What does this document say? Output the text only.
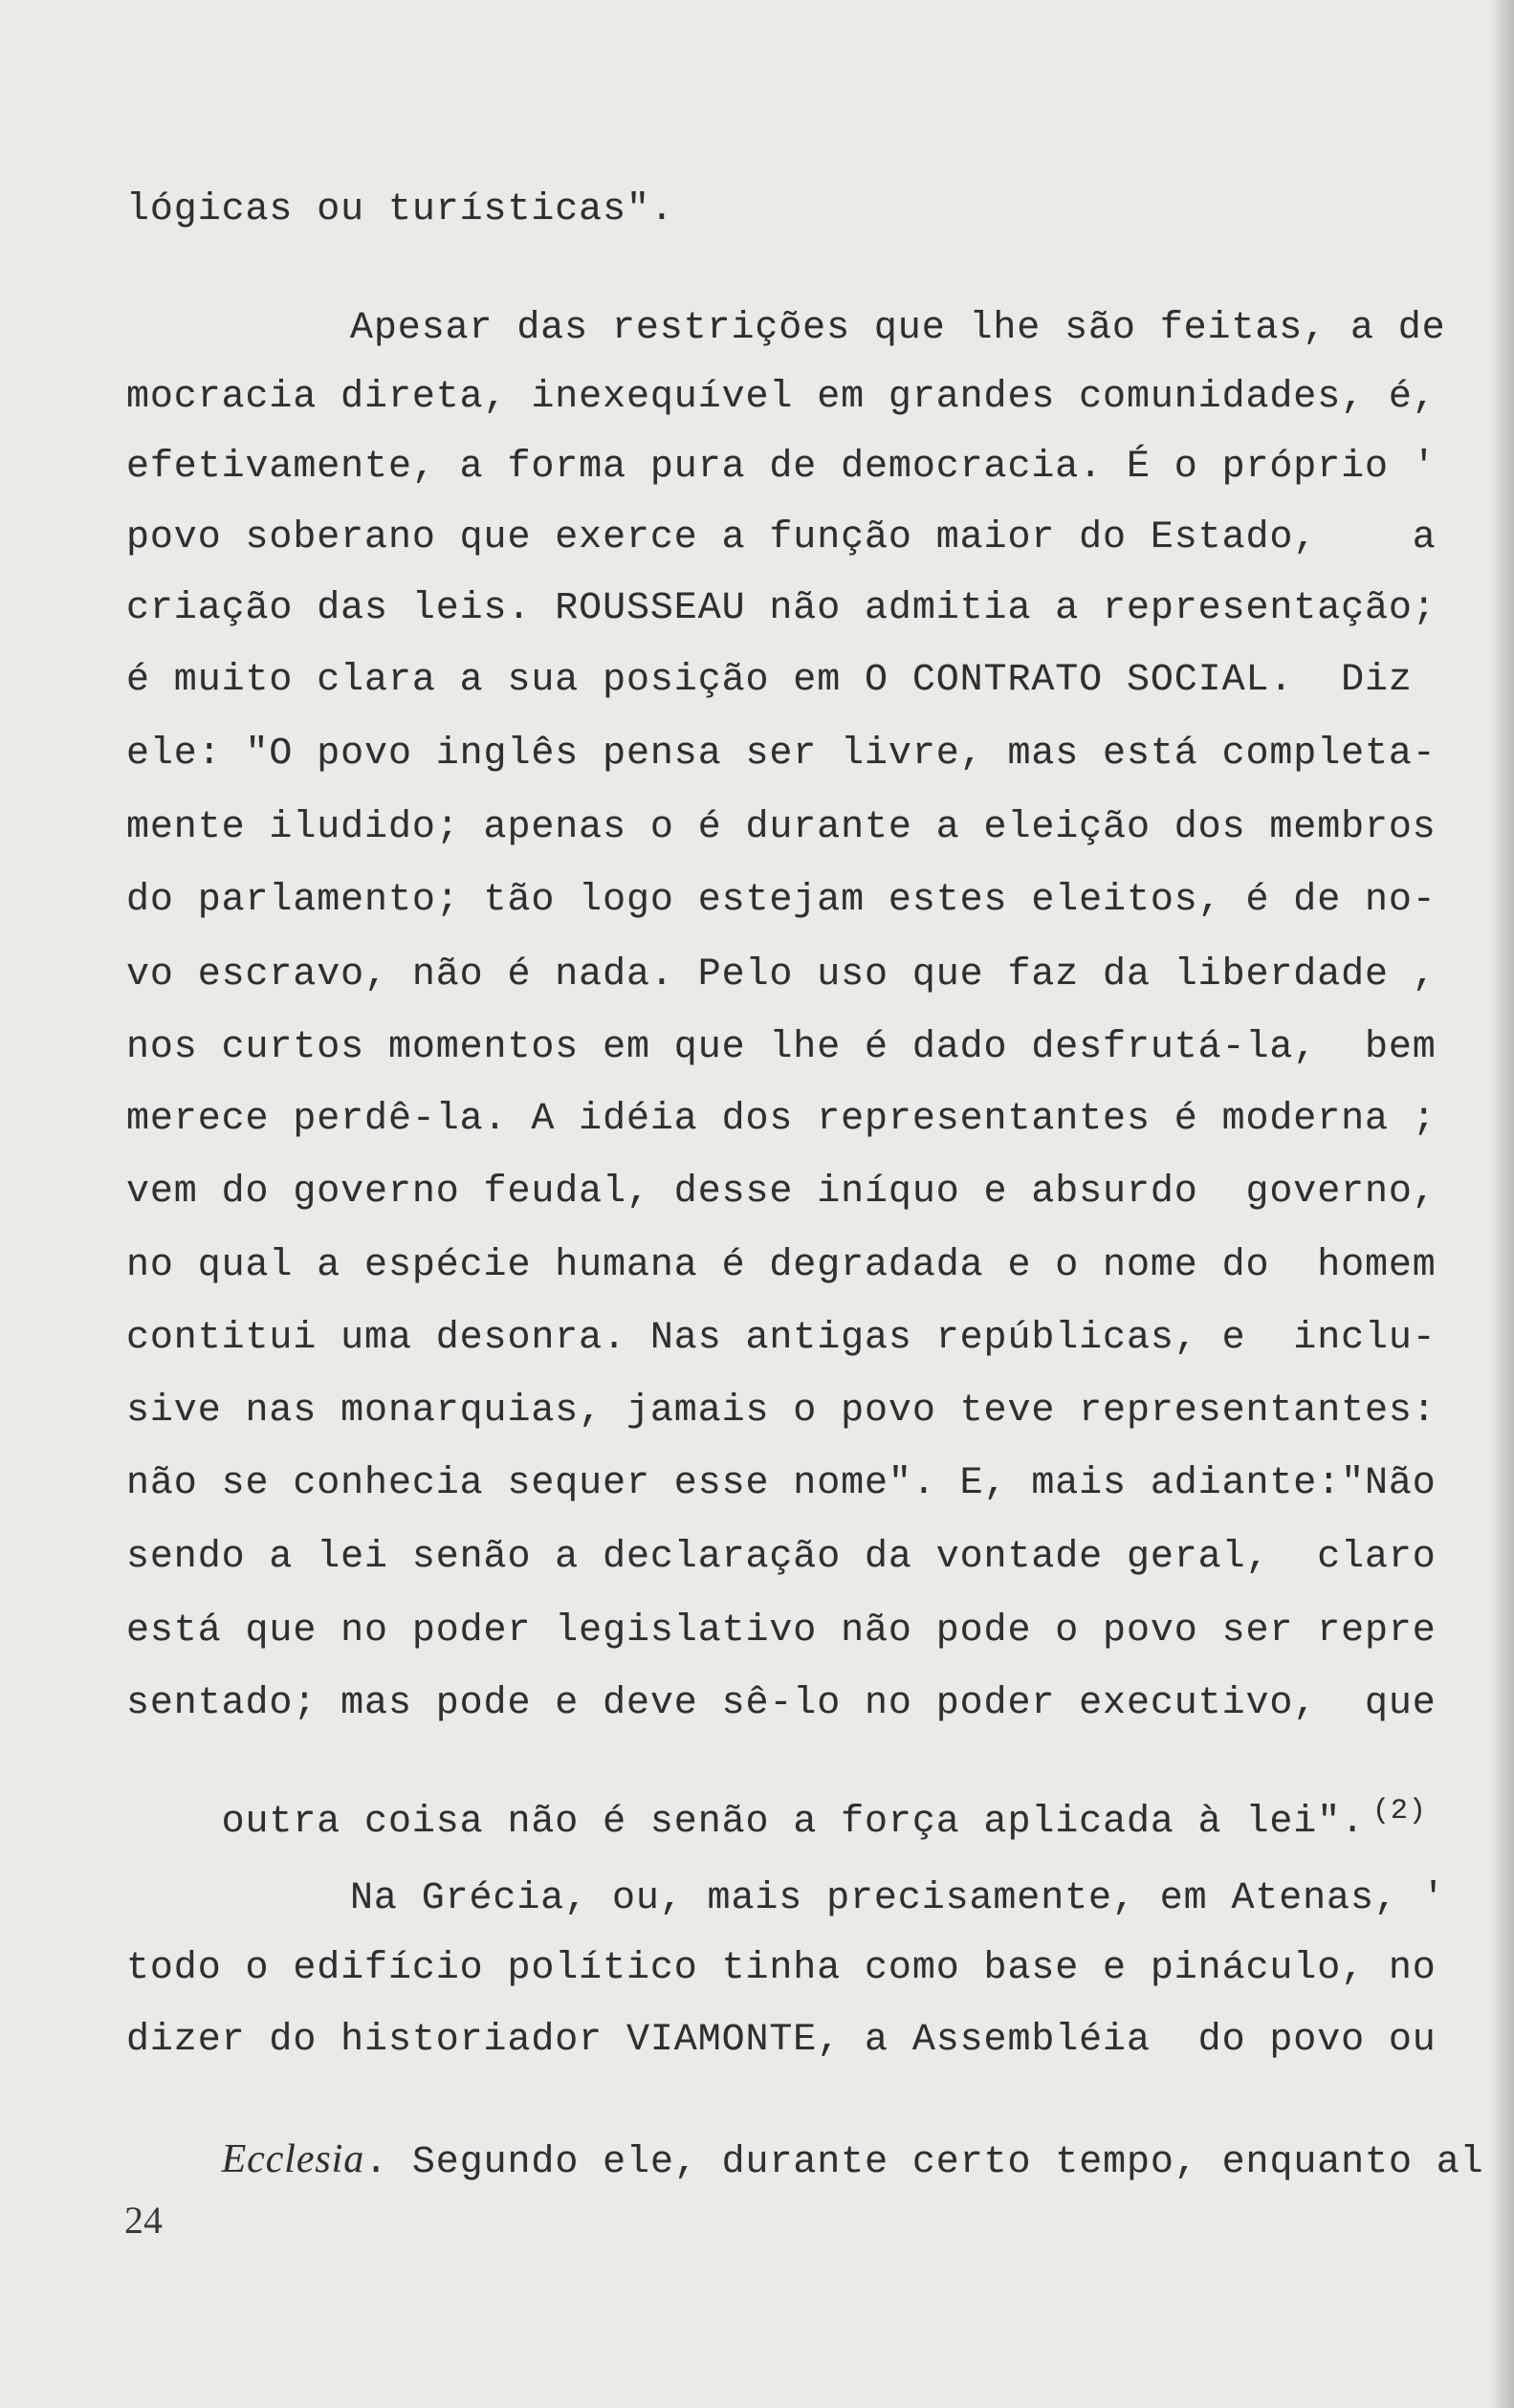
lógicas ou turísticas".
Apesar das restrições que lhe são feitas, a de
mocracia direta, inexequível em grandes comunidades, é,
efetivamente, a forma pura de democracia. É o próprio '
povo soberano que exerce a função maior do Estado,    a
criação das leis. ROUSSEAU não admitia a representação;
é muito clara a sua posição em O CONTRATO SOCIAL.  Diz
ele: "O povo inglês pensa ser livre, mas está completa-
mente iludido; apenas o é durante a eleição dos membros
do parlamento; tão logo estejam estes eleitos, é de no-
vo escravo, não é nada. Pelo uso que faz da liberdade ,
nos curtos momentos em que lhe é dado desfrutá-la,  bem
merece perdê-la. A idéia dos representantes é moderna ;
vem do governo feudal, desse iníquo e absurdo  governo,
no qual a espécie humana é degradada e o nome do  homem
contitui uma desonra. Nas antigas repúblicas, e  inclu-
sive nas monarquias, jamais o povo teve representantes:
não se conhecia sequer esse nome". E, mais adiante:"Não
sendo a lei senão a declaração da vontade geral,  claro
está que no poder legislativo não pode o povo ser repre
sentado; mas pode e deve sê-lo no poder executivo,  que

outra coisa não é senão a força aplicada à lei". $^{(2)}$

Na Grécia, ou, mais precisamente, em Atenas, '
todo o edifício político tinha como base e pináculo, no
dizer do historiador VIAMONTE, a Assembléia  do povo ou

Ecclesia. Segundo ele, durante certo tempo, enquanto al

24
